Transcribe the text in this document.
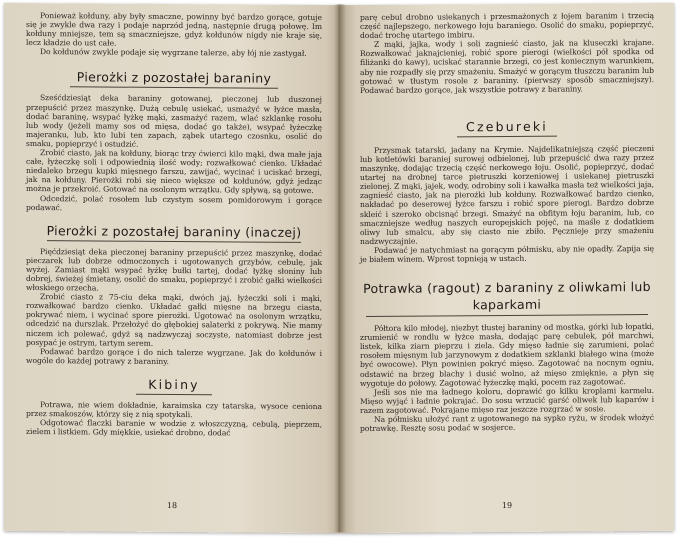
Ponieważ kołduny, aby były smaczne, powinny być bardzo gorące, gotuje się je zwykle dwa razy i podaje naprzód jedną, następnie drugą połowę. Im kołduny mniejsze, tem są smaczniejsze, gdyż kołdunów nigdy nie kraje się, lecz kładzie do ust całe.

Do kołdunów zwykle podaje się wygrzane talerze, aby łój nie zastygał.

Pierożki z pozostałej baraniny

Sześćdziesiąt deka baraniny gotowanej, pieczonej lub duszonej przepuścić przez maszynkę. Dużą cebulę usiekać, usmażyć w łyżce masła, dodać baraninę, wsypać łyżkę mąki, zasmażyć razem, wlać szklankę rosołu lub wody (jeżeli mamy sos od mięsa, dodać go także), wsypać łyżeczkę majeranku, lub, kto lubi ten zapach, ząbek utartego czosnku, osolić do smaku, popieprzyć i ostudzić.

Zrobić ciasto, jak na kołduny, biorąc trzy ćwierci kilo mąki, dwa małe jaja całe, łyżeczkę soli i odpowiednią ilość wody; rozwałkować cienko. Układać niedaleko brzegu kupki mięsnego farszu, zawijać, wycinać i uciskać brzegi, jak na kołduny. Pierożki robi się nieco większe od kołdunów, gdyż jedząc można je przekroić. Gotować na osolonym wrzątku. Gdy spływą, są gotowe.

Odcedzić, polać rosołem lub czystym sosem pomidorowym i gorące podawać.

Pierożki z pozostałej baraniny (inaczej)

Pięćdziesiąt deka pieczonej baraniny przepuścić przez maszynkę, dodać pieczarek lub dobrze odmoczonych i ugotowanych grzybów, cebulę, jak wyżej. Zamiast mąki wsypać łyżkę bułki tartej, dodać łyżkę słoniny lub dobrej, świeżej śmietany, osolić do smaku, popieprzyć i zrobić gałki wielkości włoskiego orzecha.

Zrobić ciasto z 75-ciu deka mąki, dwóch jaj, łyżeczki soli i mąki, rozwałkować bardzo cienko. Układać gałki mięsne na brzegu ciasta, pokrywać niem, i wycinać spore pierożki. Ugotować na osolonym wrzątku, odcedzić na durszlak. Przełożyć do głębokiej salaterki z pokrywą. Nie mamy niczem ich polewać, gdyż są nadzwyczaj soczyste, natomiast dobrze jest posypać je ostrym, tartym serem.

Podawać bardzo gorące i do nich talerze wygrzane. Jak do kołdunów i wogóle do każdej potrawy z baraniny.

Kibiny

Potrawa, nie wiem dokładnie, karaimska czy tatarska, wysoce ceniona przez smakoszów, którzy się z nią spotykali.

Odgotować flaczki baranie w wodzie z włoszczyzną, cebulą, pieprzem, zielem i listkiem. Gdy miękkie, usiekać drobno, dodać

18

parę cebul drobno usiekanych i przesmażonych z łojem baranim i trzecią część najlepszego, nerkowego łoju baraniego. Osolić do smaku, popieprzyć, dodać trochę utartego imbiru.

Z mąki, jajka, wody i soli zagnieść ciasto, jak na kluseczki krajane. Rozwałkować jaknajcieniej, robić spore pierogi (wielkości pół spodka od filiżanki do kawy), uciskać starannie brzegi, co jest koniecznym warunkiem, aby nie rozpadły się przy smażeniu. Smażyć w gorącym tłuszczu baranim lub gotować w tłustym rosole z baraniny. (pierwszy sposób smaczniejszy). Podawać bardzo gorące, jak wszystkie potrawy z baraniny.

Czebureki

Przysmak tatarski, jadany na Krymie. Najdelikatniejszą część pieczeni lub kotletówki baraniej surowej odbielonej, lub przepuścić dwa razy przez maszynkę, dodając trzecią część nerkowego łoju. Osolić, popieprzyć, dodać utartej na drobnej tarce pietruszki korzeniowej i usiekanej pietruszki zielonej. Z mąki, jajek, wody, odrobiny soli i kawałka masła też wielkości jaja, zagnieść ciasto, jak na pierożki lub kołduny. Rozwałkować bardzo cienko, nakładać po deserowej łyżce farszu i robić spore pierogi. Bardzo dobrze skleić i szeroko obcisnąć brzegi. Smażyć na obfitym łoju baranim, lub, co smaczniejsze według naszych europejskich pojęć, na maśle z dodatkiem oliwy lub smalcu, aby się ciasto nie zbiło. Pęcznieje przy smażeniu nadzwyczajnie.

Podawać je natychmiast na gorącym półmisku, aby nie opadły. Zapija się je białem winem. Wprost topnieją w ustach.

Potrawka (ragout) z baraniny z oliwkami lub kaparkami

Półtora kilo młodej, niezbyt tłustej baraniny od mostka, górki lub łopatki, zrumienić w rondlu w łyżce masła, dodając parę cebulek, pół marchwi, listek, kilka ziarn pieprzu i ziela. Gdy mięso ładnie się zarumieni, polać rosołem mięsnym lub jarzynowym z dodatkiem szklanki białego wina (może być owocowe). Płyn powinien pokryć mięso. Zagotować na nocnym ogniu, odstawić na brzeg blachy i dusić wolno, aż mięso zmięknie, a płyn się wygotuje do połowy. Zagotować łyżeczkę mąki, pocem raz zagotować.

Jeśli sos nie ma ładnego koloru, doprawić go kilku kroplami karmelu. Mięso wyjąć i ładnie pokrajać. Do sosu wrzucić garść oliwek lub kaparów i razem zagotować. Pokrajane mięso raz jeszcze rozgrzać w sosie.

Na półmisku ułożyć rant z ugotowanego na sypko ryżu, w środek włożyć potrawkę. Resztę sosu podać w sosjerce.

19
